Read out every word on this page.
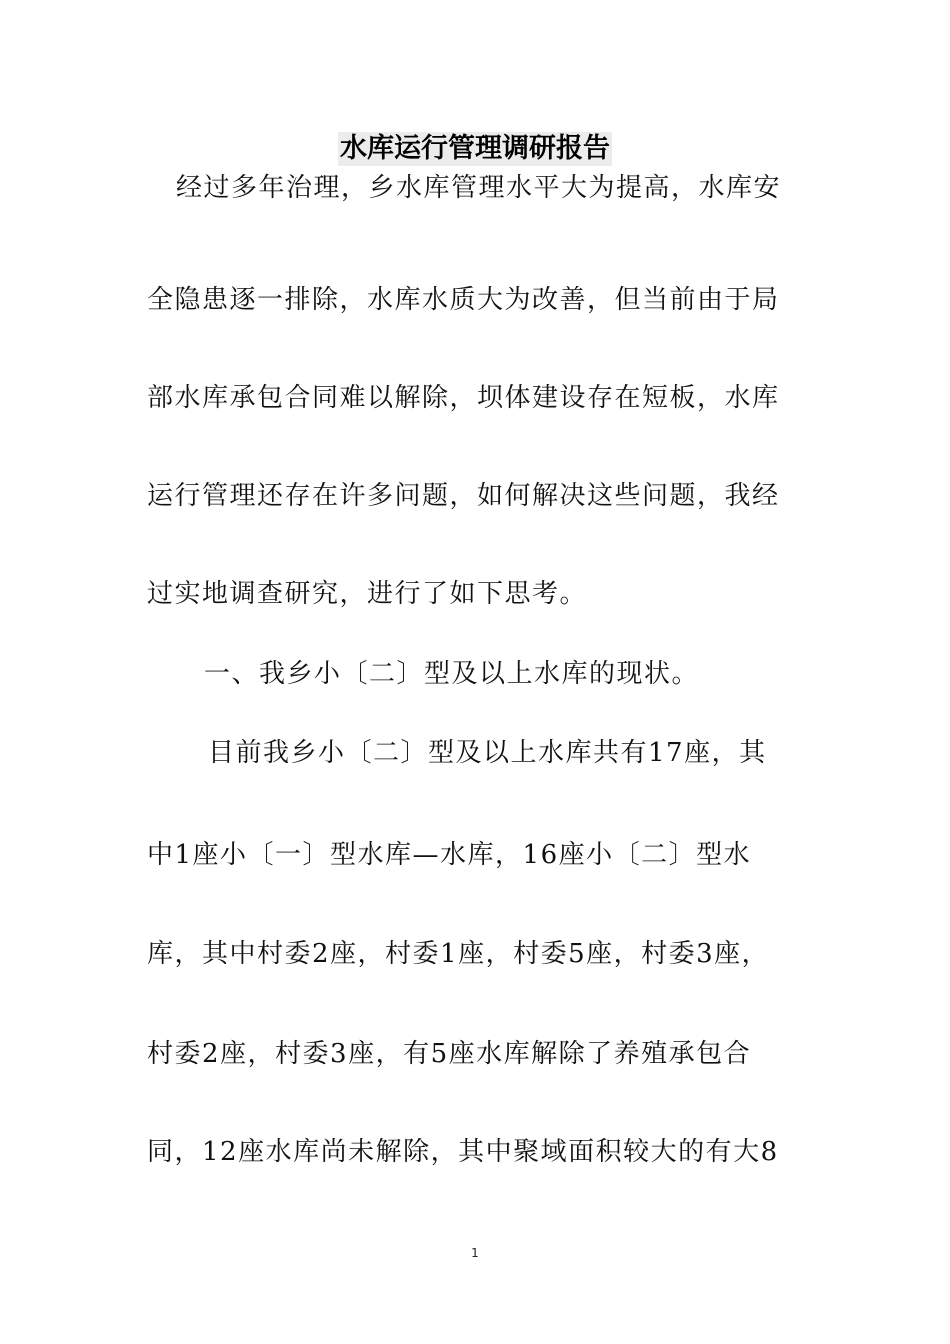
水库运行管理调研报告
经过多年治理，乡水库管理水平大为提高，水库安
全隐患逐一排除，水库水质大为改善，但当前由于局
部水库承包合同难以解除，坝体建设存在短板，水库
运行管理还存在许多问题，如何解决这些问题，我经
过实地调查研究，进行了如下思考。
一、我乡小〔二〕型及以上水库的现状。
目前我乡小〔二〕型及以上水库共有17座，其
中1座小〔一〕型水库—水库，16座小〔二〕型水
库，其中村委2座，村委1座，村委5座，村委3座，
村委2座，村委3座，有5座水库解除了养殖承包合
同，12座水库尚未解除，其中聚域面积较大的有大8
1
